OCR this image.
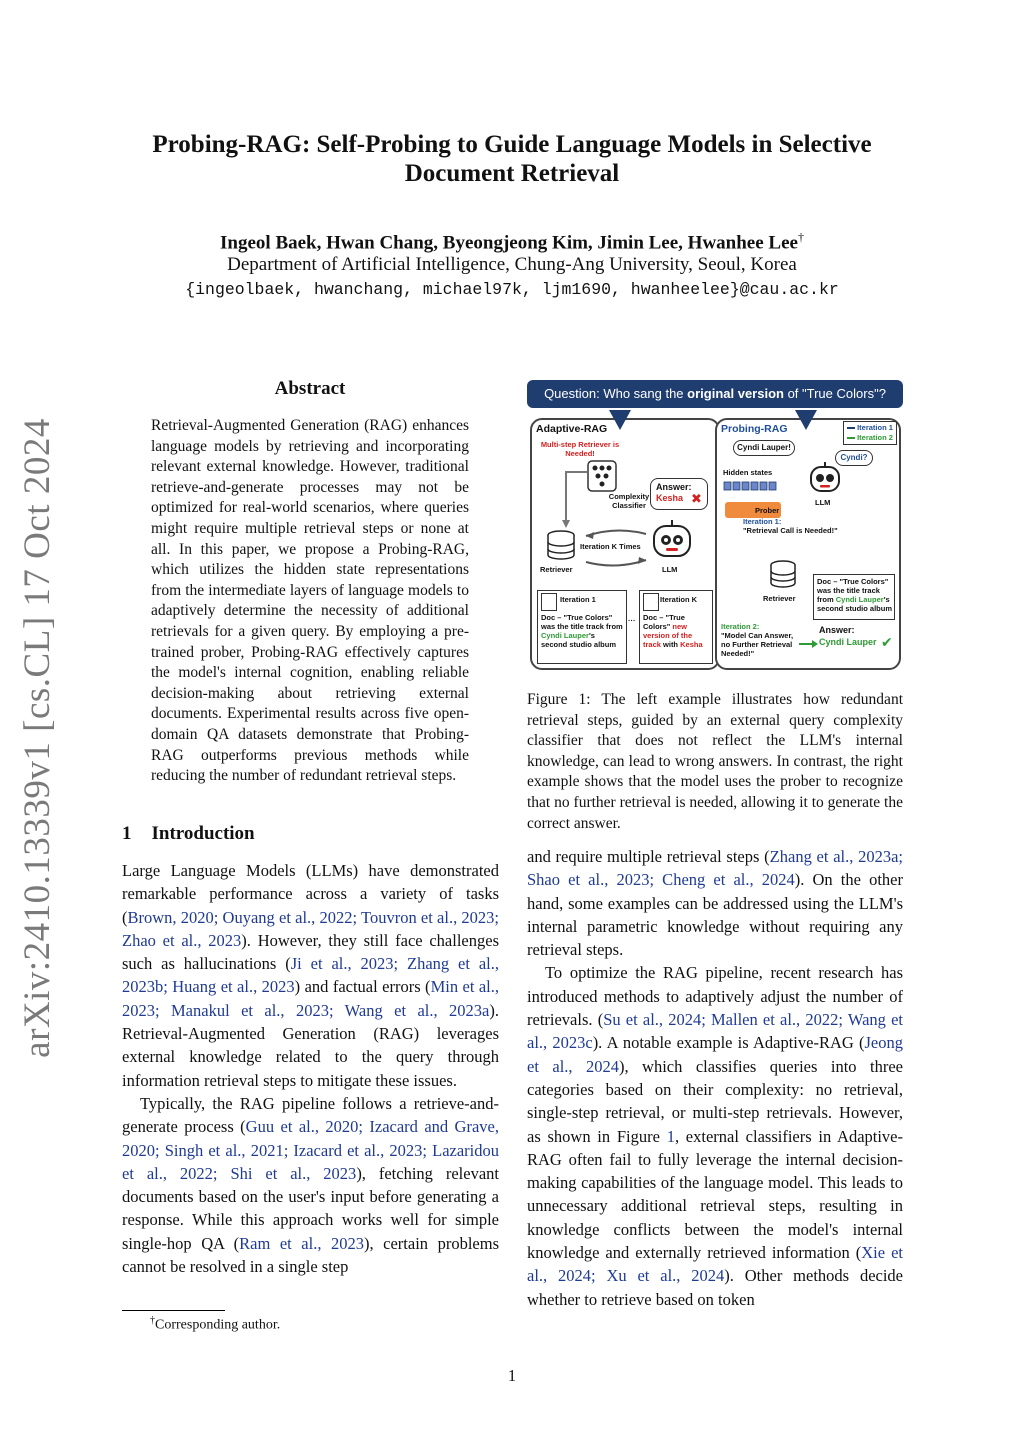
arXiv:2410.13339v1 [cs.CL] 17 Oct 2024
Probing-RAG: Self-Probing to Guide Language Models in Selective
Document Retrieval
Ingeol Baek, Hwan Chang, Byeongjeong Kim, Jimin Lee, Hwanhee Lee†
Department of Artificial Intelligence, Chung-Ang University, Seoul, Korea
{ingeolbaek, hwanchang, michael97k, ljm1690, hwanheelee}@cau.ac.kr
Abstract
Retrieval-Augmented Generation (RAG) enhances language models by retrieving and incorporating relevant external knowledge. However, traditional retrieve-and-generate processes may not be optimized for real-world scenarios, where queries might require multiple retrieval steps or none at all. In this paper, we propose a Probing-RAG, which utilizes the hidden state representations from the intermediate layers of language models to adaptively determine the necessity of additional retrievals for a given query. By employing a pre-trained prober, Probing-RAG effectively captures the model's internal cognition, enabling reliable decision-making about retrieving external documents. Experimental results across five open-domain QA datasets demonstrate that Probing-RAG outperforms previous methods while reducing the number of redundant retrieval steps.
1 Introduction

Large Language Models (LLMs) have demonstrated remarkable performance across a variety of tasks (Brown, 2020; Ouyang et al., 2022; Touvron et al., 2023; Zhao et al., 2023). However, they still face challenges such as hallucinations (Ji et al., 2023; Zhang et al., 2023b; Huang et al., 2023) and factual errors (Min et al., 2023; Manakul et al., 2023; Wang et al., 2023a). Retrieval-Augmented Generation (RAG) leverages external knowledge related to the query through information retrieval steps to mitigate these issues.

Typically, the RAG pipeline follows a retrieve-and-generate process (Guu et al., 2020; Izacard and Grave, 2020; Singh et al., 2021; Izacard et al., 2023; Lazaridou et al., 2022; Shi et al., 2023), fetching relevant documents based on the user's input before generating a response. While this approach works well for simple single-hop QA (Ram et al., 2023), certain problems cannot be resolved in a single step

†Corresponding author.
Question: Who sang the original version of "True Colors"?
Adaptive-RAG
Multi-step Retriever is Needed!
Complexity Classifier
Answer:
Kesha ✖
Retriever
Iteration K Times
LLM
Iteration 1
Doc – "True Colors" was the title track from Cyndi Lauper's second studio album
···
Iteration K
Doc – "True Colors" new version of the track with Kesha
Probing-RAG	Iteration 1
Iteration 2
Cyndi Lauper!
Cyndi?
Hidden states
Prober
LLM
Iteration 1:
"Retrieval Call is Needed!"
Retriever
Doc – "True Colors" was the title track from Cyndi Lauper's second studio album
Iteration 2:
"Model Can Answer, no Further Retrieval Needed!"
Answer:
Cyndi Lauper ✔
Figure 1: The left example illustrates how redundant retrieval steps, guided by an external query complexity classifier that does not reflect the LLM's internal knowledge, can lead to wrong answers. In contrast, the right example shows that the model uses the prober to recognize that no further retrieval is needed, allowing it to generate the correct answer.

and require multiple retrieval steps (Zhang et al., 2023a; Shao et al., 2023; Cheng et al., 2024). On the other hand, some examples can be addressed using the LLM's internal parametric knowledge without requiring any retrieval steps.

To optimize the RAG pipeline, recent research has introduced methods to adaptively adjust the number of retrievals. (Su et al., 2024; Mallen et al., 2022; Wang et al., 2023c). A notable example is Adaptive-RAG (Jeong et al., 2024), which classifies queries into three categories based on their complexity: no retrieval, single-step retrieval, or multi-step retrievals. However, as shown in Figure 1, external classifiers in Adaptive-RAG often fail to fully leverage the internal decision-making capabilities of the language model. This leads to unnecessary additional retrieval steps, resulting in knowledge conflicts between the model's internal knowledge and externally retrieved information (Xie et al., 2024; Xu et al., 2024). Other methods decide whether to retrieve based on token

1
